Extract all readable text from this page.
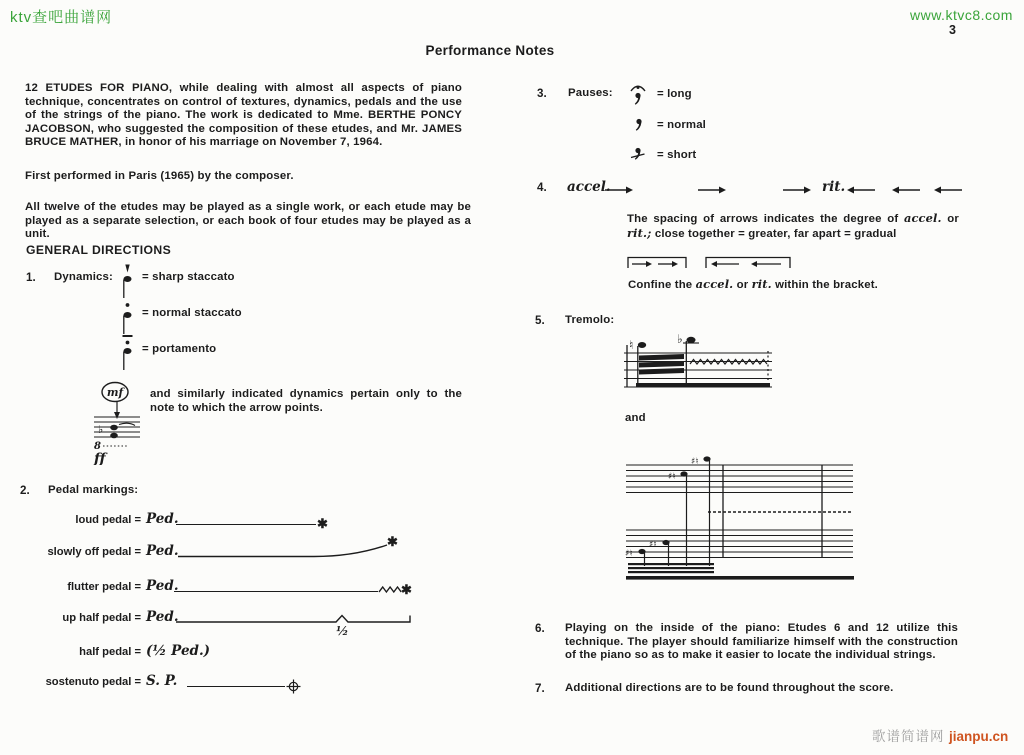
ktv查吧曲谱网	www.ktvc8.com
3
Performance Notes
12 ETUDES FOR PIANO, while dealing with almost all aspects of piano technique, concentrates on control of textures, dynamics, pedals and the use of the strings of the piano. The work is dedicated to Mme. BERTHE PONCY JACOBSON, who suggested the composition of these etudes, and Mr. JAMES BRUCE MATHER, in honor of his marriage on November 7, 1964.
First performed in Paris (1965) by the composer.
All twelve of the etudes may be played as a single work, or each etude may be played as a separate selection, or each book of four etudes may be played as a unit.
GENERAL DIRECTIONS
1. Dynamics:	= sharp staccato
= normal staccato
= portamento
mf
♭
8
ff
and similarly indicated dynamics pertain only to the note to which the arrow points.
2. Pedal markings:
loud pedal = Ped.	✱
slowly off pedal = Ped.
✱
flutter pedal = Ped.	✱
up half pedal = Ped.
½
half pedal = (½ Ped.)
sostenuto pedal = S. P.
3. Pauses:	= long
= normal
= short
4. accel.	rit.
The spacing of arrows indicates the degree of accel. or rit.; close together = greater, far apart = gradual
Confine the accel. or rit. within the bracket.
5. Tremolo:
♮	♭
and
♯♮
♯♮
♯♮
♯♮
6. Playing on the inside of the piano: Etudes 6 and 12 utilize this technique. The player should familiarize himself with the construction of the piano so as to make it easier to locate the individual strings.
7. Additional directions are to be found throughout the score.
歌谱简谱网 jianpu.cn
